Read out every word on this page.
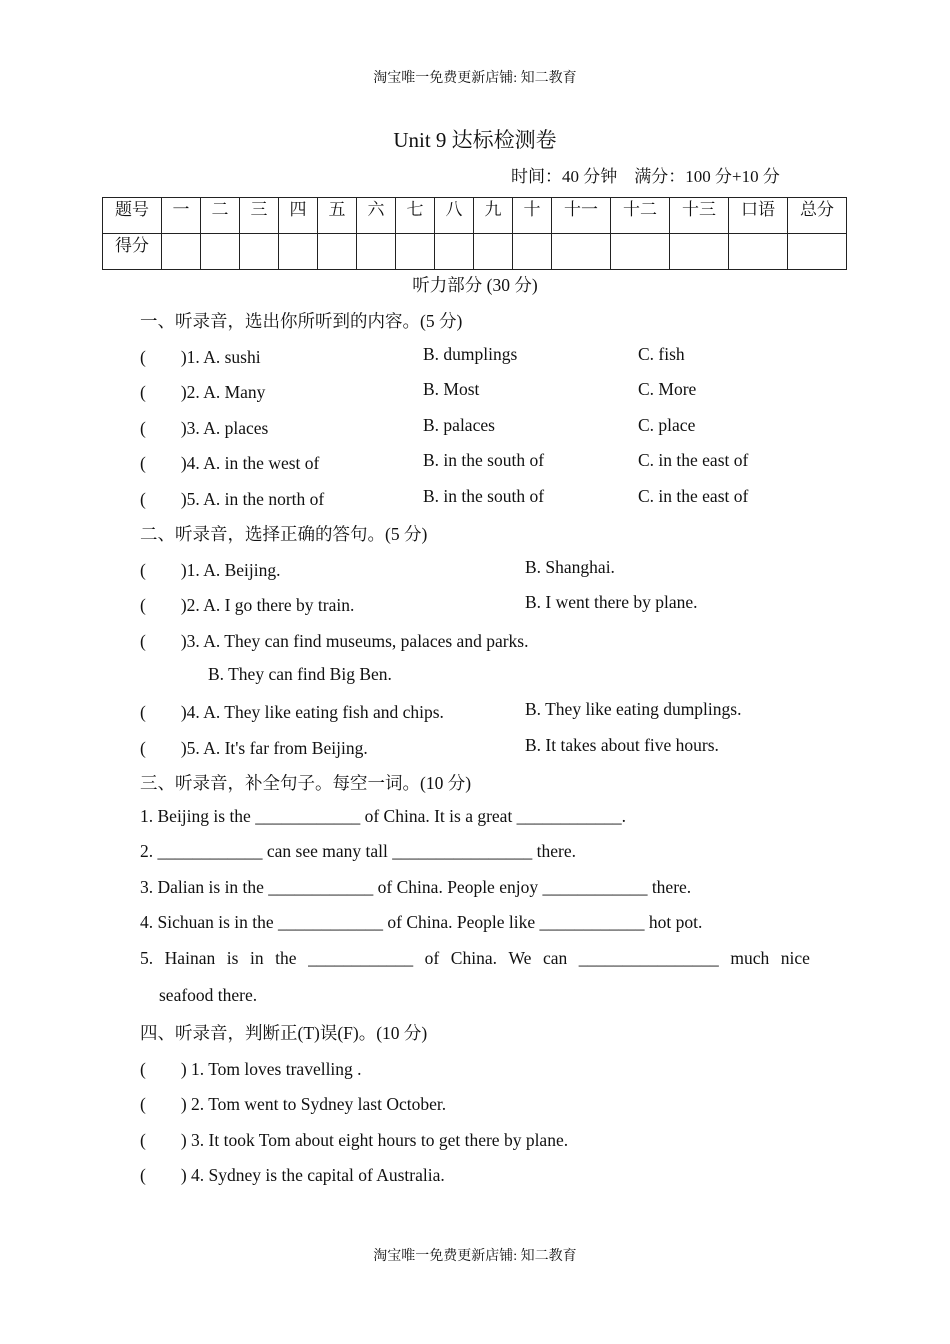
淘宝唯一免费更新店铺: 知二教育
Unit 9 达标检测卷
时间：40 分钟　满分：100 分+10 分
题号	一	二	三	四	五	六	七	八	九	十	十一	十二	十三	口语	总分
得分															
听力部分 (30 分)
一、听录音，选出你所听到的内容。(5 分)
(　　)1. A. sushi	B. dumplings	C. fish
(　　)2. A. Many	B. Most	C. More
(　　)3. A. places	B. palaces	C. place
(　　)4. A. in the west of	B. in the south of	C. in the east of
(　　)5. A. in the north of	B. in the south of	C. in the east of
二、听录音，选择正确的答句。(5 分)
(　　)1. A. Beijing.	B. Shanghai.
(　　)2. A. I go there by train.	B. I went there by plane.
(　　)3. A. They can find museums, palaces and parks.
B. They can find Big Ben.
(　　)4. A. They like eating fish and chips.	B. They like eating dumplings.
(　　)5. A. It's far from Beijing.	B. It takes about five hours.
三、听录音，补全句子。每空一词。(10 分)
1. Beijing is the ____________ of China. It is a great ____________.
2. ____________ can see many tall ________________ there.
3. Dalian is in the ____________ of China. People enjoy ____________ there.
4. Sichuan is in the ____________ of China. People like ____________ hot pot.
5. Hainan is in the ____________ of China. We can ________________ much nice
seafood there.
四、听录音，判断正(T)误(F)。(10 分)
(　　) 1. Tom loves travelling .
(　　) 2. Tom went to Sydney last October.
(　　) 3. It took Tom about eight hours to get there by plane.
(　　) 4. Sydney is the capital of Australia.
淘宝唯一免费更新店铺: 知二教育
